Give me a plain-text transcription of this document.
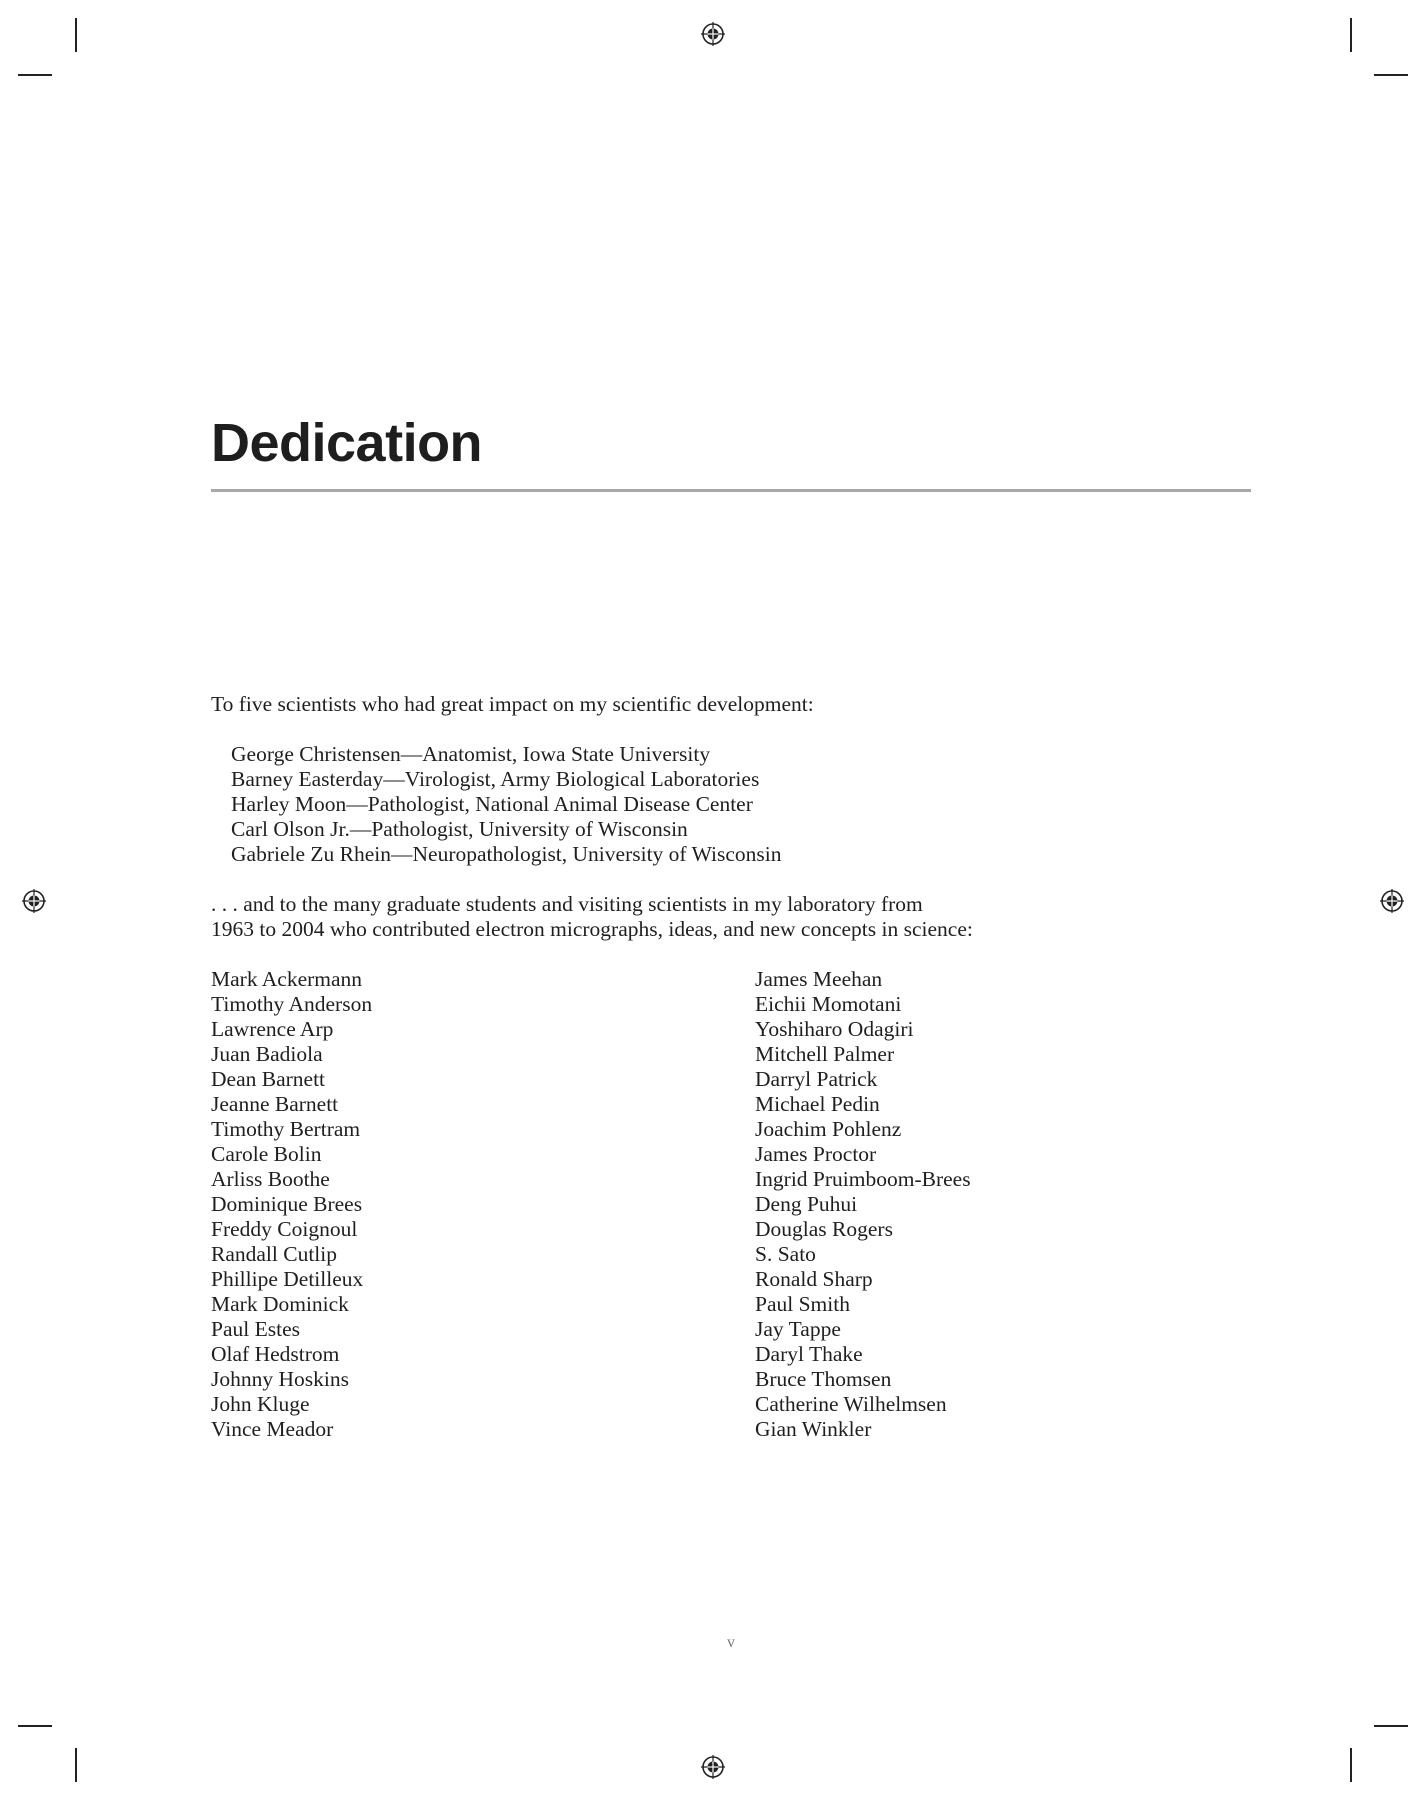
Dedication
To five scientists who had great impact on my scientific development:
George Christensen—Anatomist, Iowa State University
Barney Easterday—Virologist, Army Biological Laboratories
Harley Moon—Pathologist, National Animal Disease Center
Carl Olson Jr.—Pathologist, University of Wisconsin
Gabriele Zu Rhein—Neuropathologist, University of Wisconsin
. . . and to the many graduate students and visiting scientists in my laboratory from
1963 to 2004 who contributed electron micrographs, ideas, and new concepts in science:
Mark Ackermann
Timothy Anderson
Lawrence Arp
Juan Badiola
Dean Barnett
Jeanne Barnett
Timothy Bertram
Carole Bolin
Arliss Boothe
Dominique Brees
Freddy Coignoul
Randall Cutlip
Phillipe Detilleux
Mark Dominick
Paul Estes
Olaf Hedstrom
Johnny Hoskins
John Kluge
Vince Meador
James Meehan
Eichii Momotani
Yoshiharo Odagiri
Mitchell Palmer
Darryl Patrick
Michael Pedin
Joachim Pohlenz
James Proctor
Ingrid Pruimboom-Brees
Deng Puhui
Douglas Rogers
S. Sato
Ronald Sharp
Paul Smith
Jay Tappe
Daryl Thake
Bruce Thomsen
Catherine Wilhelmsen
Gian Winkler
v
